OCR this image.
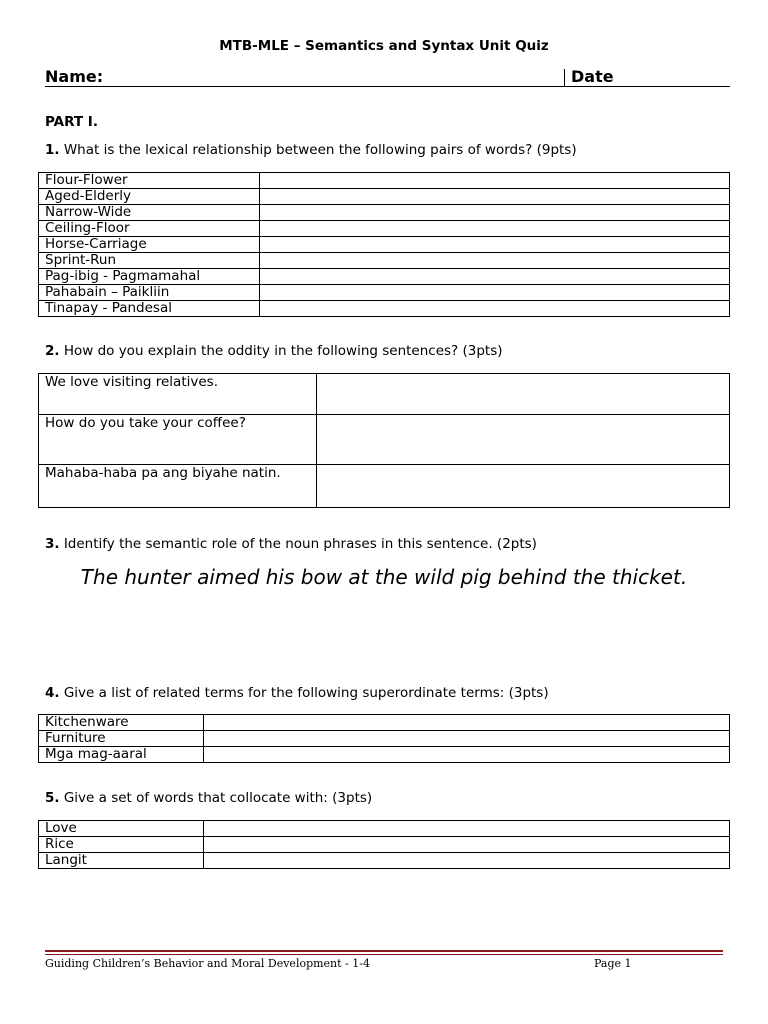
MTB-MLE – Semantics and Syntax Unit Quiz
Name:	Date
PART I.
1. What is the lexical relationship between the following pairs of words? (9pts)
Flour-Flower	
Aged-Elderly	
Narrow-Wide	
Ceiling-Floor	
Horse-Carriage	
Sprint-Run	
Pag-ibig - Pagmamahal	
Pahabain – Paikliin	
Tinapay - Pandesal	
2. How do you explain the oddity in the following sentences? (3pts)
We love visiting relatives.	
How do you take your coffee?	
Mahaba-haba pa ang biyahe natin.	
3. Identify the semantic role of the noun phrases in this sentence. (2pts)
The hunter aimed his bow at the wild pig behind the thicket.
4. Give a list of related terms for the following superordinate terms: (3pts)
Kitchenware	
Furniture	
Mga mag-aaral	
5. Give a set of words that collocate with: (3pts)
Love	
Rice	
Langit	
Guiding Children’s Behavior and Moral Development - 1-4	Page 1
